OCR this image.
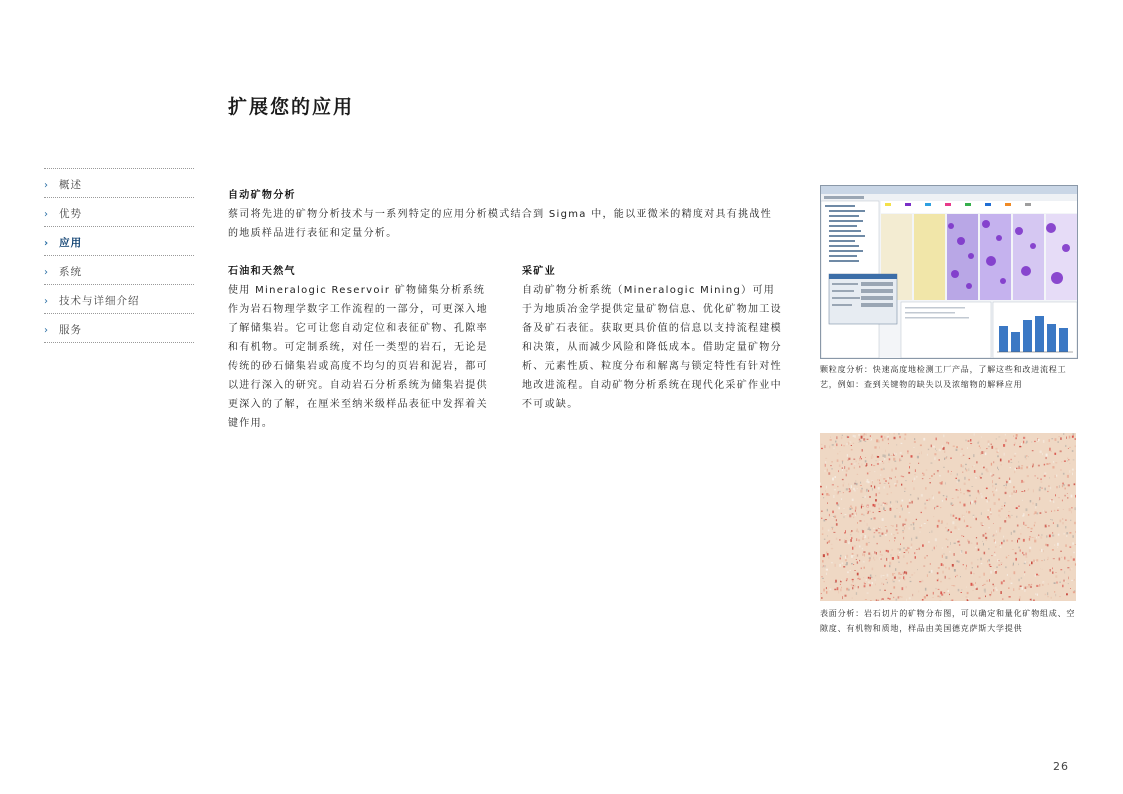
扩展您的应用
› 概述
› 优势
› 应用
› 系统
› 技术与详细介绍
› 服务
自动矿物分析
蔡司将先进的矿物分析技术与一系列特定的应用分析模式结合到 Sigma 中，能以亚微米的精度对具有挑战性的地质样品进行表征和定量分析。
石油和天然气
使用 Mineralogic Reservoir 矿物储集分析系统作为岩石物理学数字工作流程的一部分，可更深入地了解储集岩。它可让您自动定位和表征矿物、孔隙率和有机物。可定制系统，对任一类型的岩石，无论是传统的砂石储集岩或高度不均匀的页岩和泥岩，都可以进行深入的研究。自动岩石分析系统为储集岩提供更深入的了解，在厘米至纳米级样品表征中发挥着关键作用。
采矿业
自动矿物分析系统（Mineralogic Mining）可用于为地质冶金学提供定量矿物信息、优化矿物加工设备及矿石表征。获取更具价值的信息以支持流程建模和决策，从而减少风险和降低成本。借助定量矿物分析、元素性质、粒度分布和解离与锁定特性有针对性地改进流程。自动矿物分析系统在现代化采矿作业中不可或缺。
颗粒度分析：快速高度地检测工厂产品，了解这些和改进流程工艺，例如：查到关键物的缺失以及浓缩物的解释应用
表面分析：岩石切片的矿物分布图，可以确定和量化矿物组成、空隙度、有机物和质地，样品由美国德克萨斯大学提供
26
